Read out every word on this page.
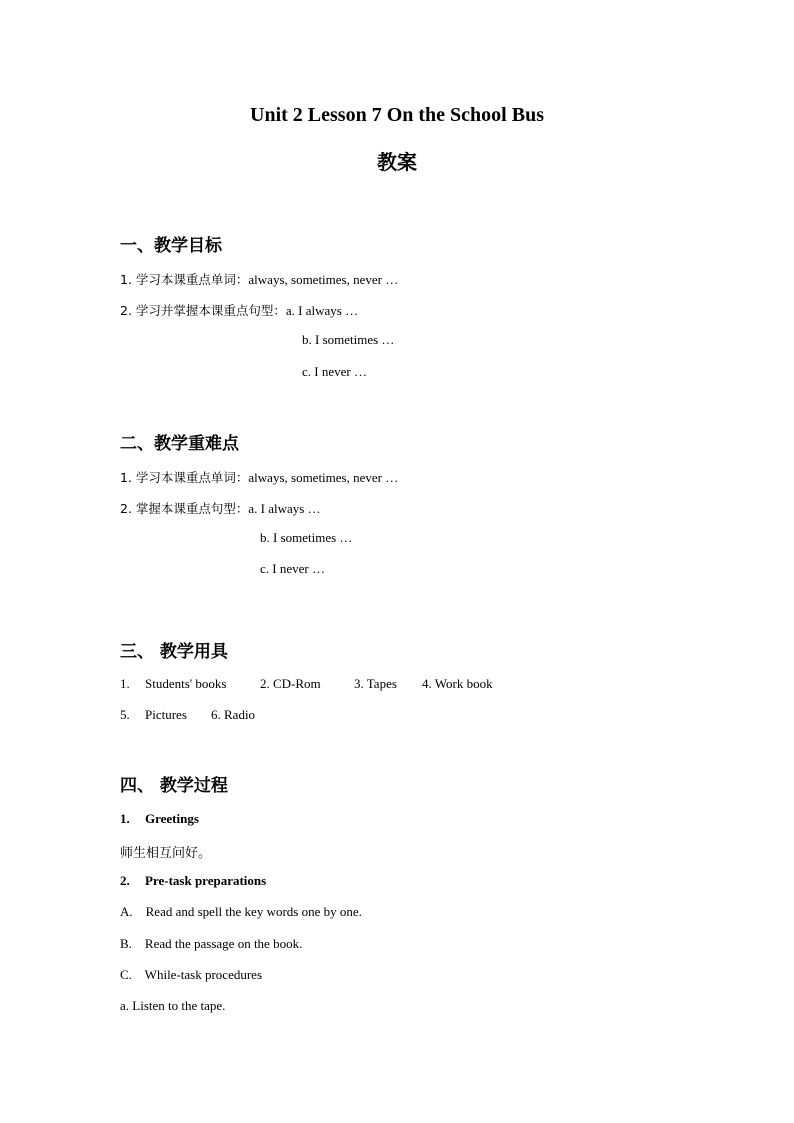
Unit 2 Lesson 7 On the School Bus
教案
一、教学目标
1. 学习本课重点单词：always, sometimes, never …
2. 学习并掌握本课重点句型：a. I always …
b. I sometimes …
c. I never …
二、教学重难点
1. 学习本课重点单词：always, sometimes, never …
2. 掌握本课重点句型：a. I always …
b. I sometimes …
c. I never …
三、 教学用具
1. Students' books	2. CD-Rom	3. Tapes 4. Work book
5. Pictures 6. Radio
四、 教学过程
1. Greetings
师生相互问好。
2. Pre-task preparations
A.    Read and spell the key words one by one.
B.    Read the passage on the book.
C.    While-task procedures
a. Listen to the tape.
